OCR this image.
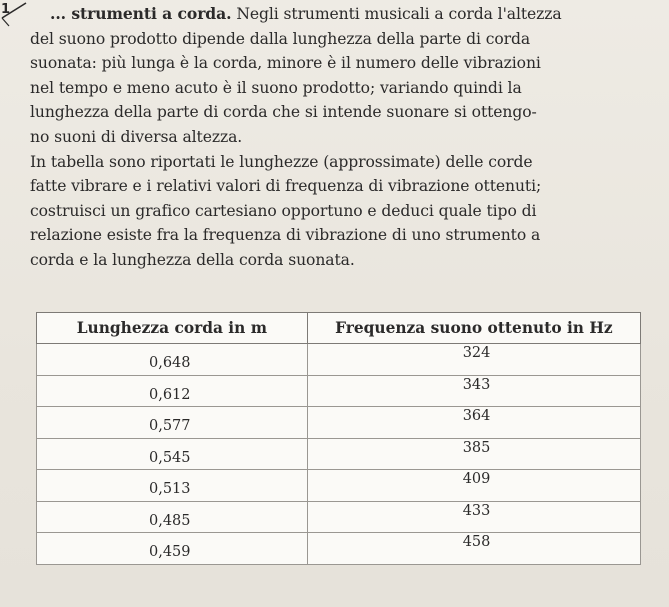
1	... strumenti a corda. Negli strumenti musicali a corda l'altezza
del suono prodotto dipende dalla lunghezza della parte di corda
suonata: più lunga è la corda, minore è il numero delle vibrazioni
nel tempo e meno acuto è il suono prodotto; variando quindi la
lunghezza della parte di corda che si intende suonare si ottengo-
no suoni di diversa altezza.
In tabella sono riportati le lunghezze (approssimate) delle corde
fatte vibrare e i relativi valori di frequenza di vibrazione ottenuti;
costruisci un grafico cartesiano opportuno e deduci quale tipo di
relazione esiste fra la frequenza di vibrazione di uno strumento a
corda e la lunghezza della corda suonata.
Lunghezza corda in m	Frequenza suono ottenuto in Hz

0,648	324

0,612	343

0,577	364

0,545	385

0,513	409

0,485	433

0,459	458
